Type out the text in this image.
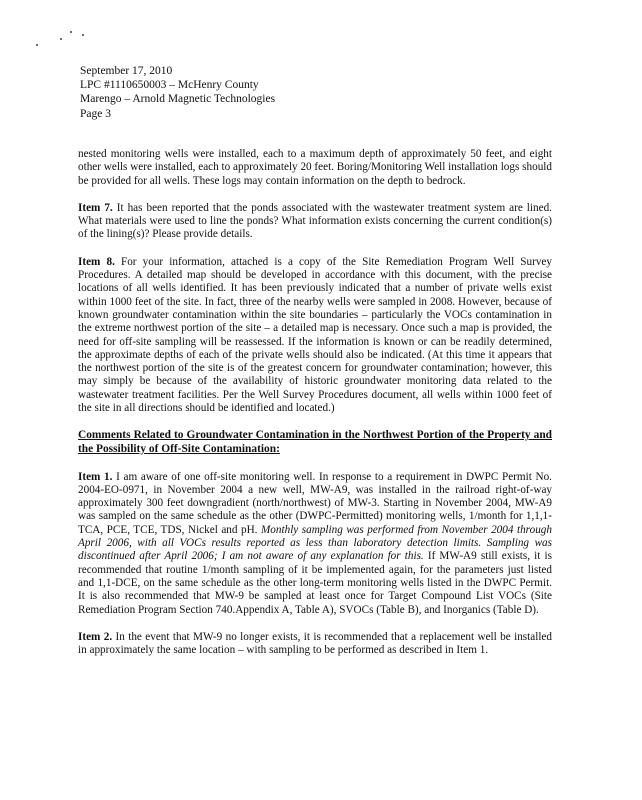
September 17, 2010
LPC #1110650003 – McHenry County
Marengo – Arnold Magnetic Technologies
Page 3

nested monitoring wells were installed, each to a maximum depth of approximately 50 feet, and eight other wells were installed, each to approximately 20 feet. Boring/Monitoring Well installation logs should be provided for all wells. These logs may contain information on the depth to bedrock.

Item 7. It has been reported that the ponds associated with the wastewater treatment system are lined. What materials were used to line the ponds? What information exists concerning the current condition(s) of the lining(s)? Please provide details.

Item 8. For your information, attached is a copy of the Site Remediation Program Well Survey Procedures. A detailed map should be developed in accordance with this document, with the precise locations of all wells identified. It has been previously indicated that a number of private wells exist within 1000 feet of the site. In fact, three of the nearby wells were sampled in 2008. However, because of known groundwater contamination within the site boundaries – particularly the VOCs contamination in the extreme northwest portion of the site – a detailed map is necessary. Once such a map is provided, the need for off-site sampling will be reassessed. If the information is known or can be readily determined, the approximate depths of each of the private wells should also be indicated. (At this time it appears that the northwest portion of the site is of the greatest concern for groundwater contamination; however, this may simply be because of the availability of historic groundwater monitoring data related to the wastewater treatment facilities. Per the Well Survey Procedures document, all wells within 1000 feet of the site in all directions should be identified and located.)

Comments Related to Groundwater Contamination in the Northwest Portion of the Property and the Possibility of Off-Site Contamination:

Item 1. I am aware of one off-site monitoring well. In response to a requirement in DWPC Permit No. 2004-EO-0971, in November 2004 a new well, MW-A9, was installed in the railroad right-of-way approximately 300 feet downgradient (north/northwest) of MW-3. Starting in November 2004, MW-A9 was sampled on the same schedule as the other (DWPC-Permitted) monitoring wells, 1/month for 1,1,1-TCA, PCE, TCE, TDS, Nickel and pH. Monthly sampling was performed from November 2004 through April 2006, with all VOCs results reported as less than laboratory detection limits. Sampling was discontinued after April 2006; I am not aware of any explanation for this. If MW-A9 still exists, it is recommended that routine 1/month sampling of it be implemented again, for the parameters just listed and 1,1-DCE, on the same schedule as the other long-term monitoring wells listed in the DWPC Permit. It is also recommended that MW-9 be sampled at least once for Target Compound List VOCs (Site Remediation Program Section 740.Appendix A, Table A), SVOCs (Table B), and Inorganics (Table D).

Item 2. In the event that MW-9 no longer exists, it is recommended that a replacement well be installed in approximately the same location – with sampling to be performed as described in Item 1.
